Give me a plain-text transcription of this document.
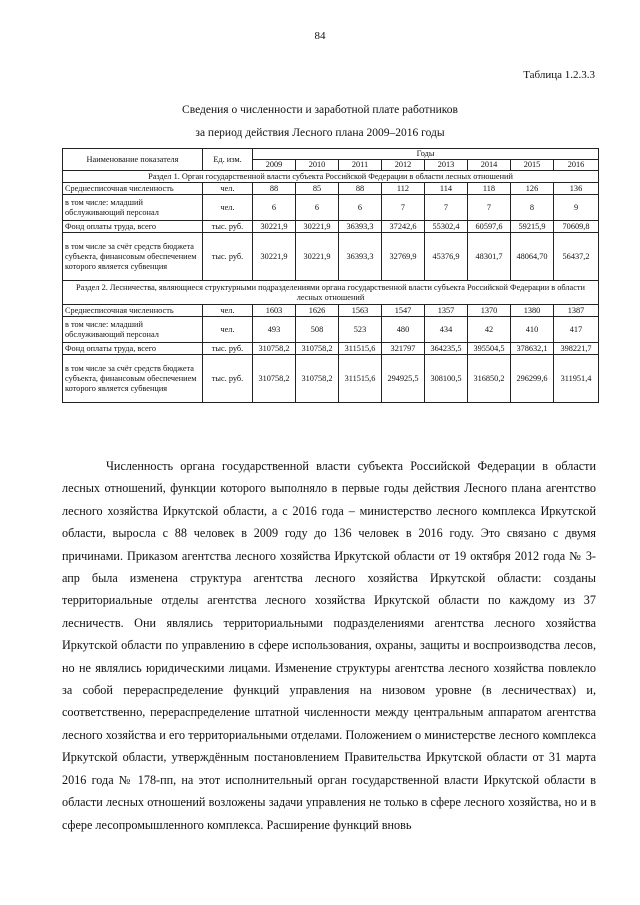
84
Таблица 1.2.3.3
Сведения о численности и заработной плате работников
за период действия Лесного плана 2009–2016 годы
Наименование показателя	Ед. изм.	Годы							
		2009	2010	2011	2012	2013	2014	2015	2016
Раздел 1. Орган государственной власти субъекта Российской Федерации в области лесных отношений									
Среднесписочная численность	чел.	88	85	88	112	114	118	126	136
в том числе: младший обслуживающий персонал	чел.	6	6	6	7	7	7	8	9
Фонд оплаты труда, всего	тыс. руб.	30221,9	30221,9	36393,3	37242,6	55302,4	60597,6	59215,9	70609,8
в том числе за счёт средств бюджета субъекта, финансовым обеспечением которого является субвенция	тыс. руб.	30221,9	30221,9	36393,3	32769,9	45376,9	48301,7	48064,70	56437,2
Раздел 2. Лесничества, являющиеся структурными подразделениями органа государственной власти субъекта Российской Федерации в области лесных отношений									
Среднесписочная численность	чел.	1603	1626	1563	1547	1357	1370	1380	1387
в том числе: младший обслуживающий персонал	чел.	493	508	523	480	434	42	410	417
Фонд оплаты труда, всего	тыс. руб.	310758,2	310758,2	311515,6	321797	364235,5	395504,5	378632,1	398221,7
в том числе за счёт средств бюджета субъекта, финансовым обеспечением которого является субвенция	тыс. руб.	310758,2	310758,2	311515,6	294925,5	308100,5	316850,2	296299,6	311951,4

Численность органа государственной власти субъекта Российской Федерации в области лесных отношений, функции которого выполняло в первые годы действия Лесного плана агентство лесного хозяйства Иркутской области, а с 2016 года – министерство лесного комплекса Иркутской области, выросла с 88 человек в 2009 году до 136 человек в 2016 году. Это связано с двумя причинами. Приказом агентства лесного хозяйства Иркутской области от 19 октября 2012 года № 3-апр была изменена структура агентства лесного хозяйства Иркутской области: созданы территориальные отделы агентства лесного хозяйства Иркутской области по каждому из 37 лесничеств. Они являлись территориальными подразделениями агентства лесного хозяйства Иркутской области по управлению в сфере использования, охраны, защиты и воспроизводства лесов, но не являлись юридическими лицами. Изменение структуры агентства лесного хозяйства повлекло за собой перераспределение функций управления на низовом уровне (в лесничествах) и, соответственно, перераспределение штатной численности между центральным аппаратом агентства лесного хозяйства и его территориальными отделами. Положением о министерстве лесного комплекса Иркутской области, утверждённым постановлением Правительства Иркутской области от 31 марта 2016 года № 178-пп, на этот исполнительный орган государственной власти Иркутской области в области лесных отношений возложены задачи управления не только в сфере лесного хозяйства, но и в сфере лесопромышленного комплекса. Расширение функций вновь
